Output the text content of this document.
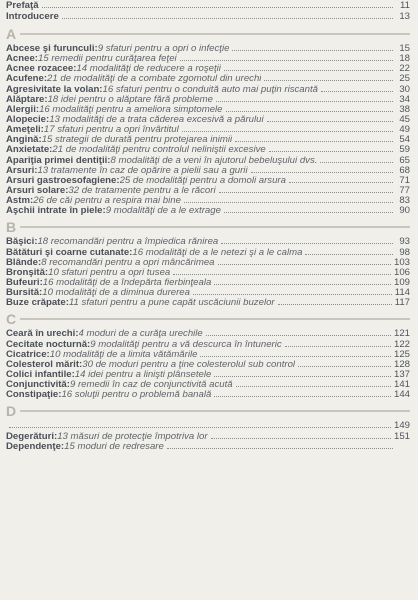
Prefaţă	11
Introducere	13
A
Abcese şi furunculi: 9 sfaturi pentru a opri o infecţie	15
Acnee: 15 remedii pentru curăţarea feţei	18
Acnee rozacee: 14 modalităţi de reducere a roşeţii	22
Acufene: 21 de modalităţi de a combate zgomotul din urechi	25
Agresivitate la volan: 16 sfaturi pentru o conduită auto mai puţin riscantă	30
Alăptare: 18 idei pentru o alăptare fără probleme	34
Alergii: 16 modalităţi pentru a ameliora simptomele	38
Alopecie: 13 modalităţi de a trata căderea excesivă a părului	45
Ameţeli: 17 sfaturi pentru a opri învârtitul	49
Angină: 15 strategii de durată pentru protejarea inimii	54
Anxietate: 21 de modalităţi pentru controlul neliniştii excesive	59
Apariţia primei dentiţii: 8 modalităţi de a veni în ajutorul bebeluşului dvs.	65
Arsuri: 13 tratamente în caz de opărire a pielii sau a gurii	68
Arsuri gastroesofagiene: 25 de modalităţi pentru a domoli arsura	71
Arsuri solare: 32 de tratamente pentru a le răcori	77
Astm: 26 de căi pentru a respira mai bine	83
Aşchii intrate în piele: 9 modalităţi de a le extrage	90
B
Băşici: 18 recomandări pentru a împiedica rănirea	93
Bătături şi coarne cutanate: 16 modalităţi de a le netezi şi a le calma	98
Blânde: 8 recomandări pentru a opri mâncărimea	103
Bronşită: 10 sfaturi pentru a opri tusea	106
Bufeuri: 16 modalităţi de a îndepărta fierbinţeala	109
Bursită: 10 modalităţi de a diminua durerea	114
Buze crăpate: 11 sfaturi pentru a pune capăt uscăciunii buzelor	117
C
Ceară în urechi: 4 moduri de a curăţa urechile	121
Cecitate nocturnă: 9 modalităţi pentru a vă descurca în întuneric	122
Cicatrice: 10 modalităţi de a limita vătămările	125
Colesterol mărit: 30 de moduri pentru a ţine colesterolul sub control	128
Colici infantile: 14 idei pentru a linişti plânsetele	137
Conjunctivită: 9 remedii în caz de conjunctivită acută	141
Constipaţie: 16 soluţii pentru o problemă banală	144
D
149
Degerături: 13 măsuri de protecţie împotriva lor	151
Dependenţe: 15 moduri de redresare
